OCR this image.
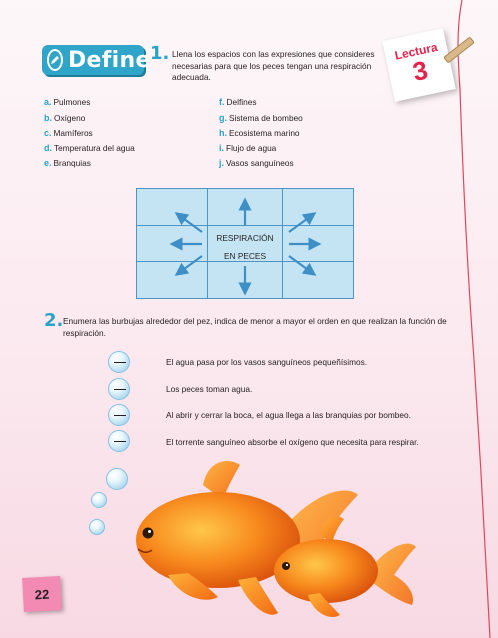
Define 1. Llena los espacios con las expresiones que consideres necesarias para que los peces tengan una respiración adecuada.
Lectura
3
a. Pulmones
b. Oxígeno
c. Mamíferos
d. Temperatura del agua
e. Branquias
f. Delfines
g. Sistema de bombeo
h. Ecosistema marino
i. Flujo de agua
j. Vasos sanguíneos
RESPIRACIÓN
EN PECES
2. Enumera las burbujas alrededor del pez, indica de menor a mayor el orden en que realizan la función de respiración.
El agua pasa por los vasos sanguíneos pequeñísimos.
Los peces toman agua.
Al abrir y cerrar la boca, el agua llega a las branquias por bombeo.
El torrente sanguíneo absorbe el oxígeno que necesita para respirar.
22
